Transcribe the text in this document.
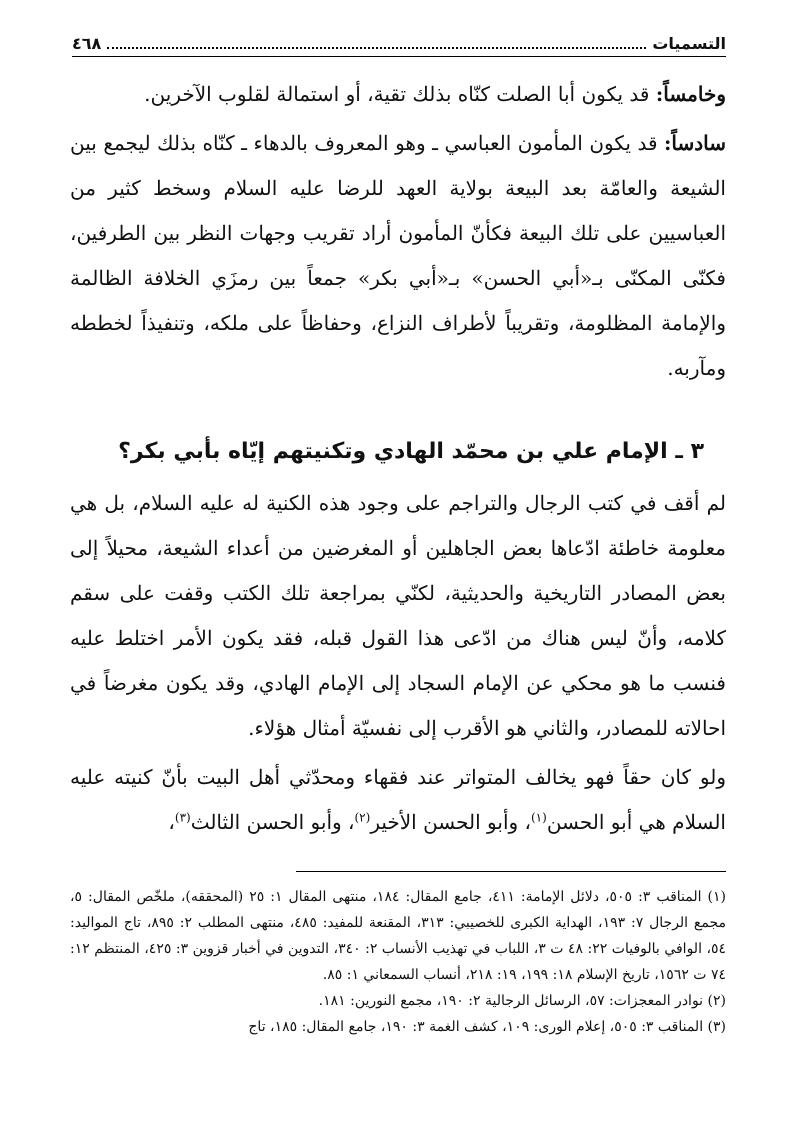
التسميات
٤٦٨

وخامساً: قد يكون أبا الصلت كنّاه بذلك تقية، أو استمالة لقلوب الآخرين.

سادساً: قد يكون المأمون العباسي ـ وهو المعروف بالدهاء ـ كنّاه بذلك ليجمع بين الشيعة والعامّة بعد البيعة بولاية العهد للرضا عليه السلام وسخط كثير من العباسيين على تلك البيعة فكأنّ المأمون أراد تقريب وجهات النظر بين الطرفين، فكنّى المكنّى بـ«أبي الحسن» بـ«أبي بكر» جمعاً بين رمزَي الخلافة الظالمة والإمامة المظلومة، وتقريباً لأطراف النزاع، وحفاظاً على ملكه، وتنفيذاً لخططه ومآربه.

٣ ـ الإمام علي بن محمّد الهادي وتكنيتهم إيّاه بأبي بكر؟

لم أقف في كتب الرجال والتراجم على وجود هذه الكنية له عليه السلام، بل هي معلومة خاطئة ادّعاها بعض الجاهلين أو المغرضين من أعداء الشيعة، محيلاً إلى بعض المصادر التاريخية والحديثية، لكنّي بمراجعة تلك الكتب وقفت على سقم كلامه، وأنّ ليس هناك من ادّعى هذا القول قبله، فقد يكون الأمر اختلط عليه فنسب ما هو محكي عن الإمام السجاد إلى الإمام الهادي، وقد يكون مغرضاً في احالاته للمصادر، والثاني هو الأقرب إلى نفسيّة أمثال هؤلاء.

ولو كان حقاً فهو يخالف المتواتر عند فقهاء ومحدّثي أهل البيت بأنّ كنيته عليه السلام هي أبو الحسن$^{(١)}$، وأبو الحسن الأخير$^{(٢)}$، وأبو الحسن الثالث$^{(٣)}$،

(١) المناقب ٣: ٥٠٥، دلائل الإمامة: ٤١١، جامع المقال: ١٨٤، منتهى المقال ١: ٢٥ (المحققه)، ملخّص المقال: ٥، مجمع الرجال ٧: ١٩٣، الهداية الكبرى للخصيبي: ٣١٣، المقنعة للمفيد: ٤٨٥، منتهى المطلب ٢: ٨٩٥، تاج المواليد: ٥٤، الوافي بالوفيات ٢٢: ٤٨ ت ٣، اللباب في تهذيب الأنساب ٢: ٣٤٠، التدوين في أخبار قزوين ٣: ٤٢٥، المنتظم ١٢: ٧٤ ت ١٥٦٢، تاريخ الإسلام ١٨: ١٩٩، ١٩: ٢١٨، أنساب السمعاني ١: ٨٥.

(٢) نوادر المعجزات: ٥٧، الرسائل الرجالية ٢: ١٩٠، مجمع النورين: ١٨١.

(٣) المناقب ٣: ٥٠٥، إعلام الورى: ١٠٩، كشف الغمة ٣: ١٩٠، جامع المقال: ١٨٥، تاج
